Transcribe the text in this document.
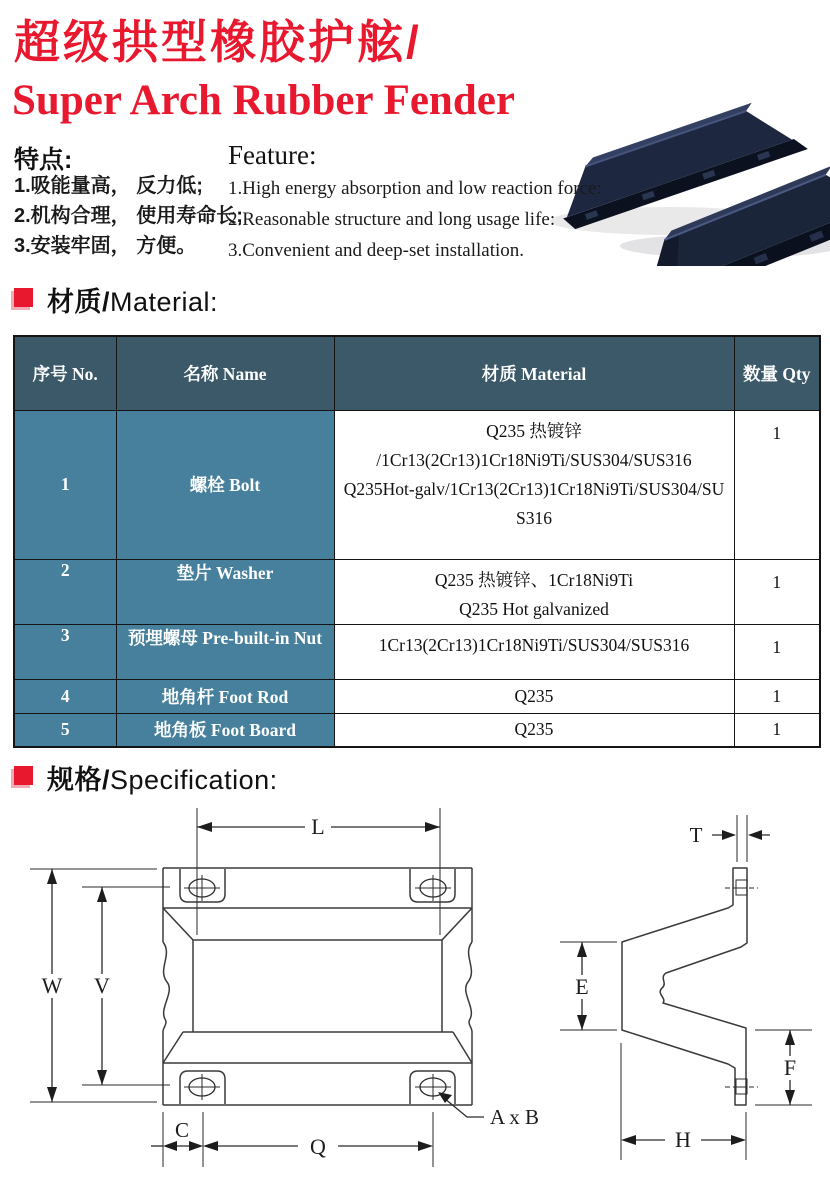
超级拱型橡胶护舷/
Super Arch Rubber Fender
特点:
1.吸能量高， 反力低;
2.机构合理， 使用寿命长;
3.安装牢固， 方便。
Feature:
1.High energy absorption and low reaction force:
2.Reasonable structure and long usage life:
3.Convenient and deep-set installation.
材质/Material:
序号 No.	名称 Name	材质 Material	数量 Qty
1	螺栓 Bolt	Q235 热镀锌
/1Cr13(2Cr13)1Cr18Ni9Ti/SUS304/SUS316
Q235Hot-galv/1Cr13(2Cr13)1Cr18Ni9Ti/SUS304/SU
S316	1

2	垫片 Washer	Q235 热镀锌、1Cr18Ni9Ti
Q235 Hot galvanized	1

3	预埋螺母 Pre-built-in Nut	1Cr13(2Cr13)1Cr18Ni9Ti/SUS304/SUS316	1

4	地角杆 Foot Rod	Q235	1
5	地角板 Foot Board	Q235	1
规格/Specification:
L
W V
C
Q
A x B
T
E
F
H
